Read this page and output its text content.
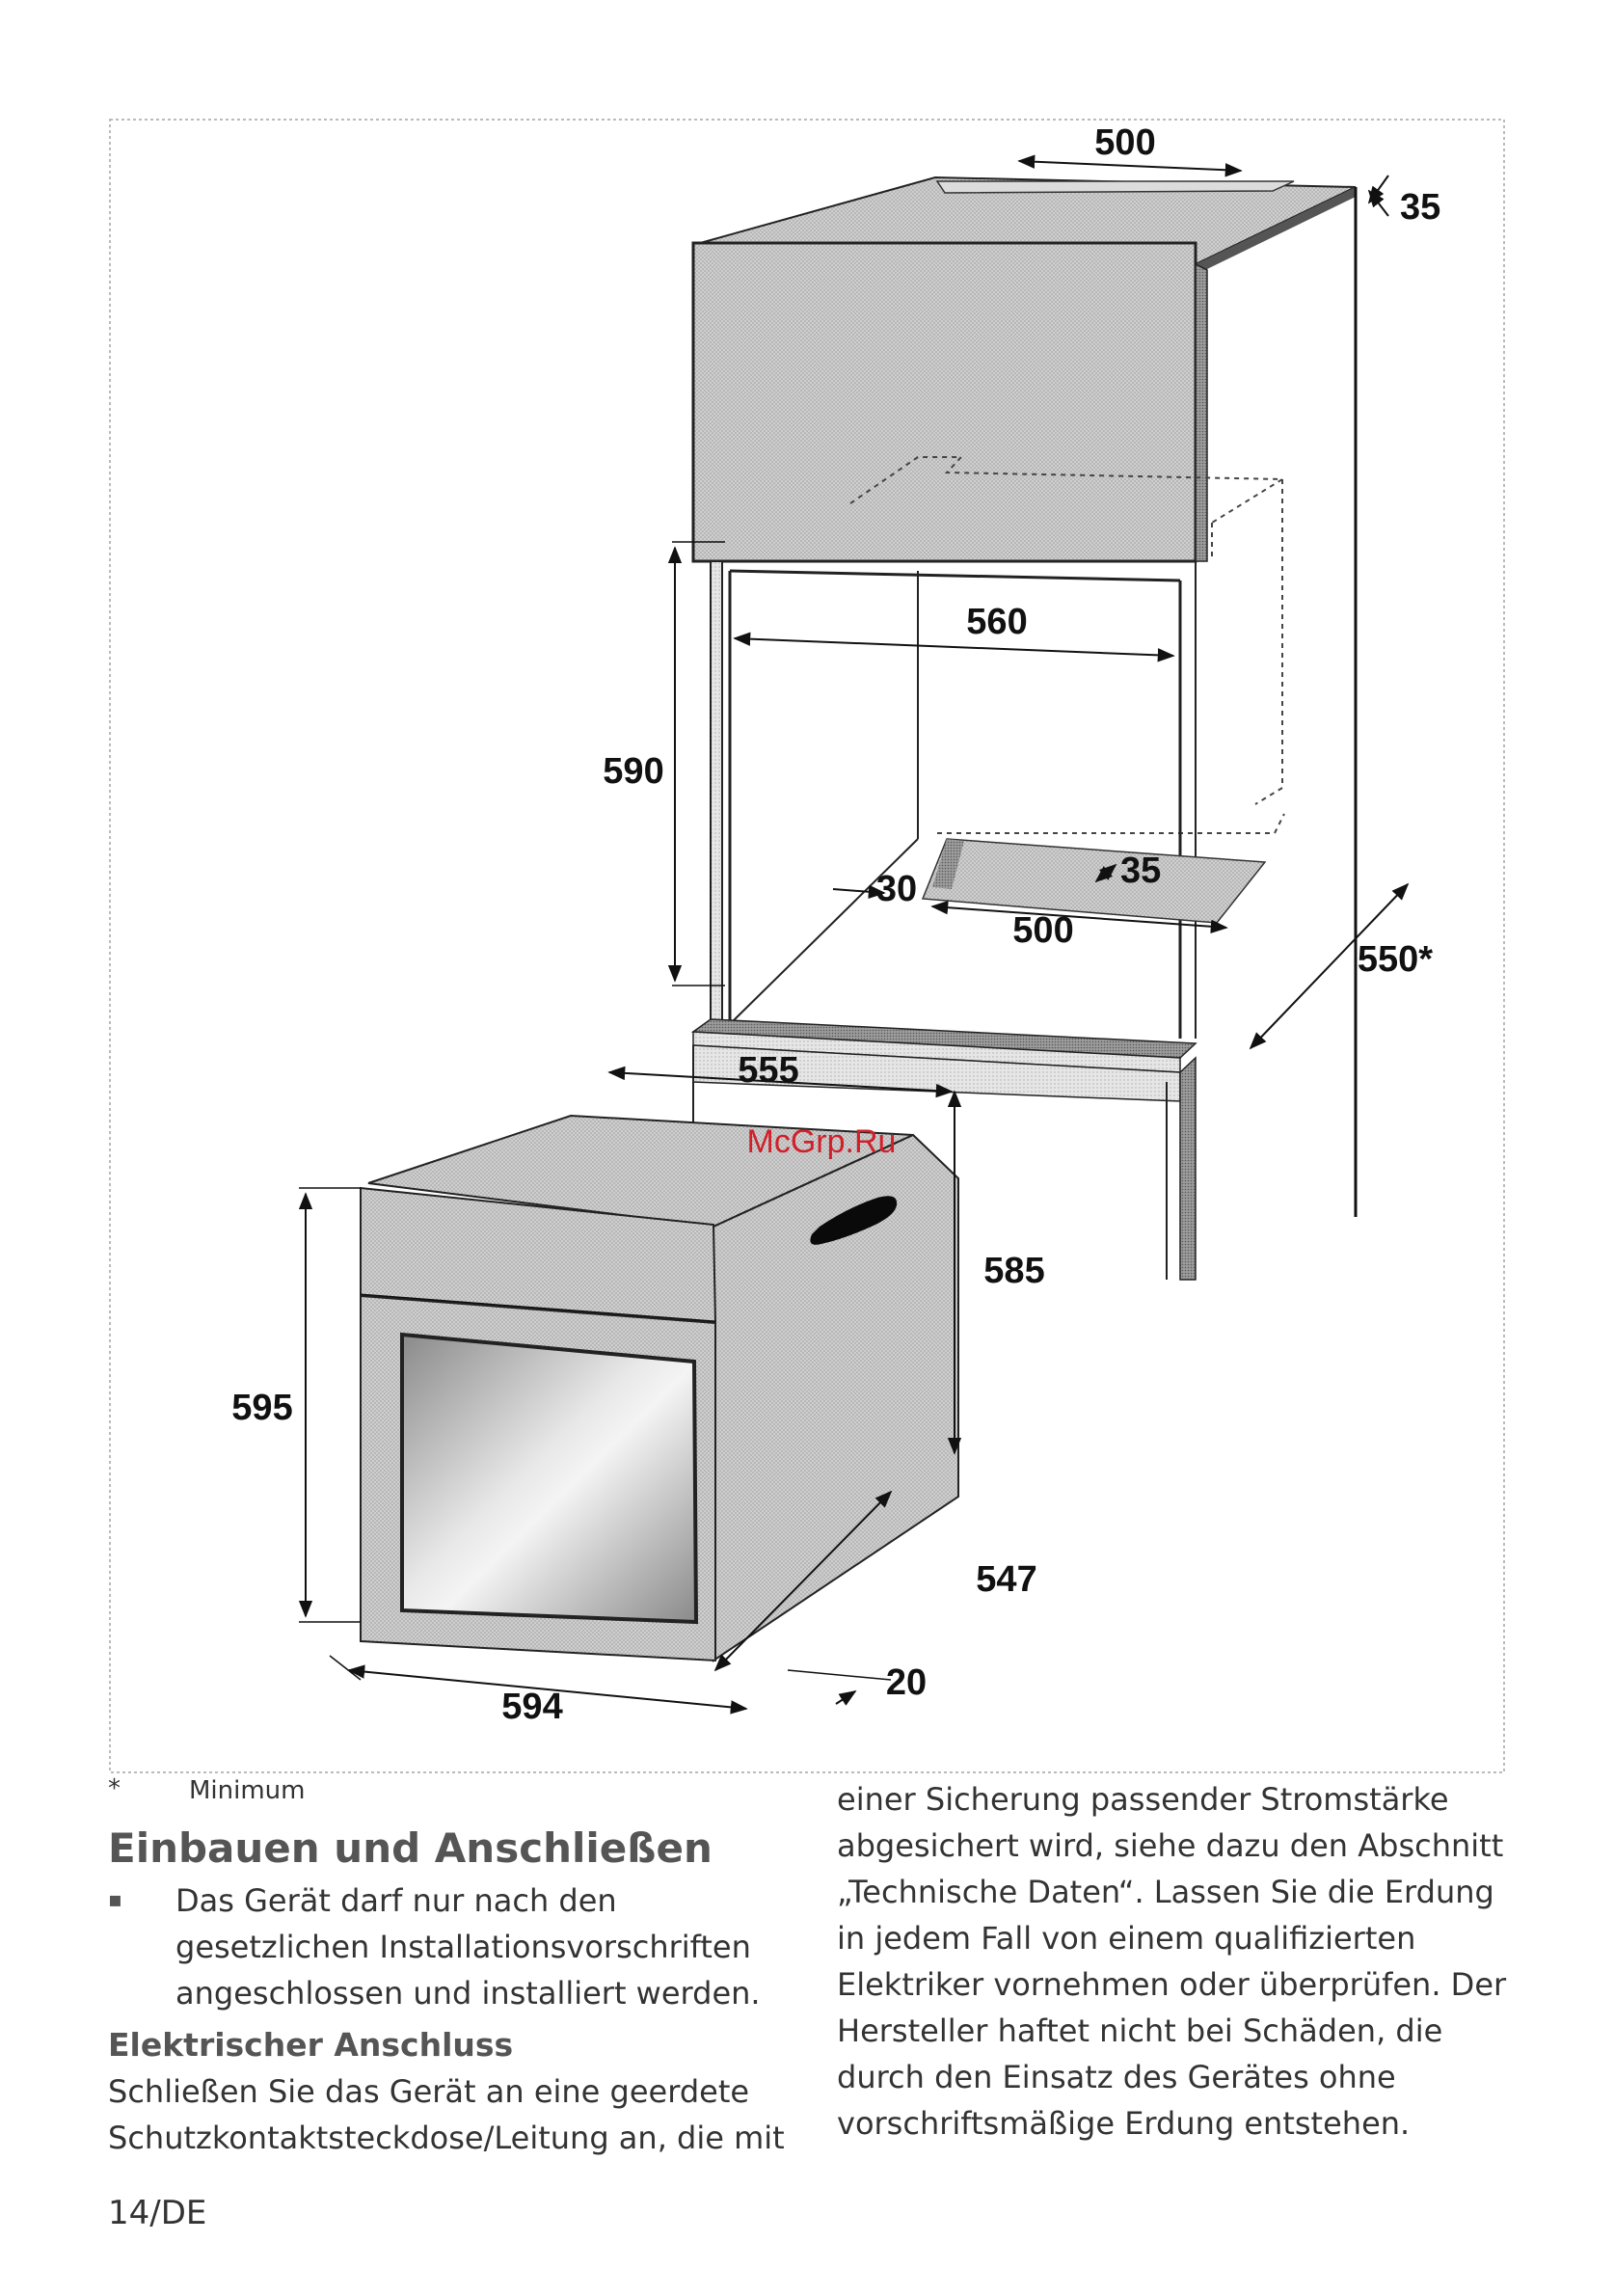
500
35
560
590
30	35
500
550*
555
585
595
547
594
20
McGrp.Ru
*	Minimum
Einbauen und Anschließen
▪	Das Gerät darf nur nach den gesetzlichen Installationsvorschriften angeschlossen und installiert werden.

Elektrischer Anschluss

Schließen Sie das Gerät an eine geerdete Schutzkontaktsteckdose/Leitung an, die mit

einer Sicherung passender Stromstärke abgesichert wird, siehe dazu den Abschnitt „Technische Daten“. Lassen Sie die Erdung in jedem Fall von einem qualifizierten Elektriker vornehmen oder überprüfen. Der Hersteller haftet nicht bei Schäden, die durch den Einsatz des Gerätes ohne vorschriftsmäßige Erdung entstehen.

14/DE
